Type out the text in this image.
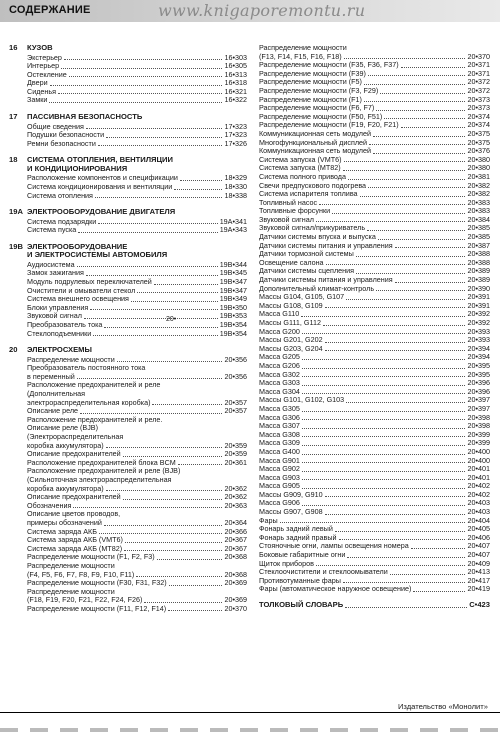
СОДЕРЖАНИЕ	www.knigaporemontu.ru
16 КУЗОВ
Экстерьер	16•303
Интерьер	16•305
Остекление	16•313
Двери	16•318
Сиденья	16•321
Замки	16•322
17 ПАССИВНАЯ БЕЗОПАСНОСТЬ
Общие сведения	17•323
Подушки безопасности	17•323
Ремни безопасности	17•326
18 СИСТЕМА ОТОПЛЕНИЯ, ВЕНТИЛЯЦИИ
И КОНДИЦИОНИРОВАНИЯ
Расположение компонентов и спецификации	18•329
Система кондиционирования и вентиляции	18•330
Система отопления	18•338
19A ЭЛЕКТРООБОРУДОВАНИЕ ДВИГАТЕЛЯ
Система подзарядки	19A•341
Система пуска	19A•343
19B ЭЛЕКТРООБОРУДОВАНИЕ
И ЭЛЕКТРОСИСТЕМЫ АВТОМОБИЛЯ
Аудиосистема	19B•344
Замок зажигания	19B•345
Модуль подрулевых переключателей	19B•347
Очистители и омыватели стекол	19B•347
Система внешнего освещения	19B•349
Блоки управления	19B•350
Звуковой сигнал	19B•353
Преобразователь тока	19B•354
Стеклоподъемники	19B•354
20 ЭЛЕКТРОСХЕМЫ
Распределение мощности	20•356
Преобразователь постоянного тока
в переменный	20•356
Расположение предохранителей и реле
(Дополнительная
электрораспределительная коробка)	20•357
Описание реле	20•357
Расположение предохранителей и реле.
Описание реле (BJB)
(Электрораспределительная
коробка аккумулятора)	20•359
Описание предохранителей	20•359
Расположение предохранителей блока BCM	20•361
Расположение предохранителей и реле (BJB)
(Сильноточная электрораспределительная
коробка аккумулятора)	20•362
Описание предохранителей	20•362
Обозначения	20•363
Описание цветов проводов,
примеры обозначений	20•364
Система заряда АКБ	20•366
Система заряда АКБ (VMT6)	20•367
Система заряда АКБ (MT82)	20•367
Распределение мощности (F1, F2, F3)	20•368
Распределение мощности
(F4, F5, F6, F7, F8, F9, F10, F11)	20•368
Распределение мощности (F30, F31, F32)	20•369
Распределение мощности
(F18, F19, F20, F21, F22, F24, F26)	20•369
Распределение мощности (F11, F12, F14)	20•370
Распределение мощности
(F13, F14, F15, F16, F18)	20•370
Распределение мощности (F35, F36, F37)	20•371
Распределение мощности (F39)	20•371
Распределение мощности (F5)	20•372
Распределение мощности (F3, F29)	20•372
Распределение мощности (F1)	20•373
Распределение мощности (F6, F7)	20•373
Распределение мощности (F50, F51)	20•374
Распределение мощности (F19, F20, F21)	20•374
Коммуникационная сеть модулей	20•375
Многофункциональный дисплей	20•375
Коммуникационная сеть модулей	20•376
Система запуска (VMT6)	20•380
Система запуска (MT82)	20•380
Система полного привода	20•381
Свечи предпускового подогрева	20•382
Система испарителя топлива	20•382
Топливный насос	20•383
Топливные форсунки	20•383
Звуковой сигнал	20•384
Звуковой сигнал/прикуриватель	20•385
Датчики системы впуска и выпуска	20•385
Датчики системы питания и управления	20•387
Датчики тормозной системы	20•388
Освещение салона	20•388
Датчики системы сцепления	20•389
Датчики системы питания и управления	20•389
Дополнительный климат-контроль	20•390
Массы G104, G105, G107	20•391
Массы G108, G109	20•391
Масса G110	20•392
Массы G111, G112	20•392
Масса G200	20•393
Массы G201, G202	20•393
Массы G203, G204	20•394
Масса G205	20•394
Масса G206	20•395
Масса G302	20•395
Масса G303	20•396
Масса G304	20•396
Массы G101, G102, G103	20•397
Масса G305	20•397
Масса G306	20•398
Масса G307	20•398
Масса G308	20•399
Масса G309	20•399
Масса G400	20•400
Масса G901	20•400
Масса G902	20•401
Масса G903	20•401
Масса G905	20•402
Массы G909, G910	20•402
Масса G906	20•403
Массы G907, G908	20•403
Фары	20•404
Фонарь задний левый	20•405
Фонарь задний правый	20•406
Стояночные огни, лампы освещения номера	20•407
Боковые габаритные огни	20•407
Щиток приборов	20•409
Стеклоочистители и стеклоомыватели	20•413
Противотуманные фары	20•417
Фары (автоматическое наружное освещение)	20•419
ТОЛКОВЫЙ СЛОВАРЬ	С•423
20•
Издательство «Монолит»
